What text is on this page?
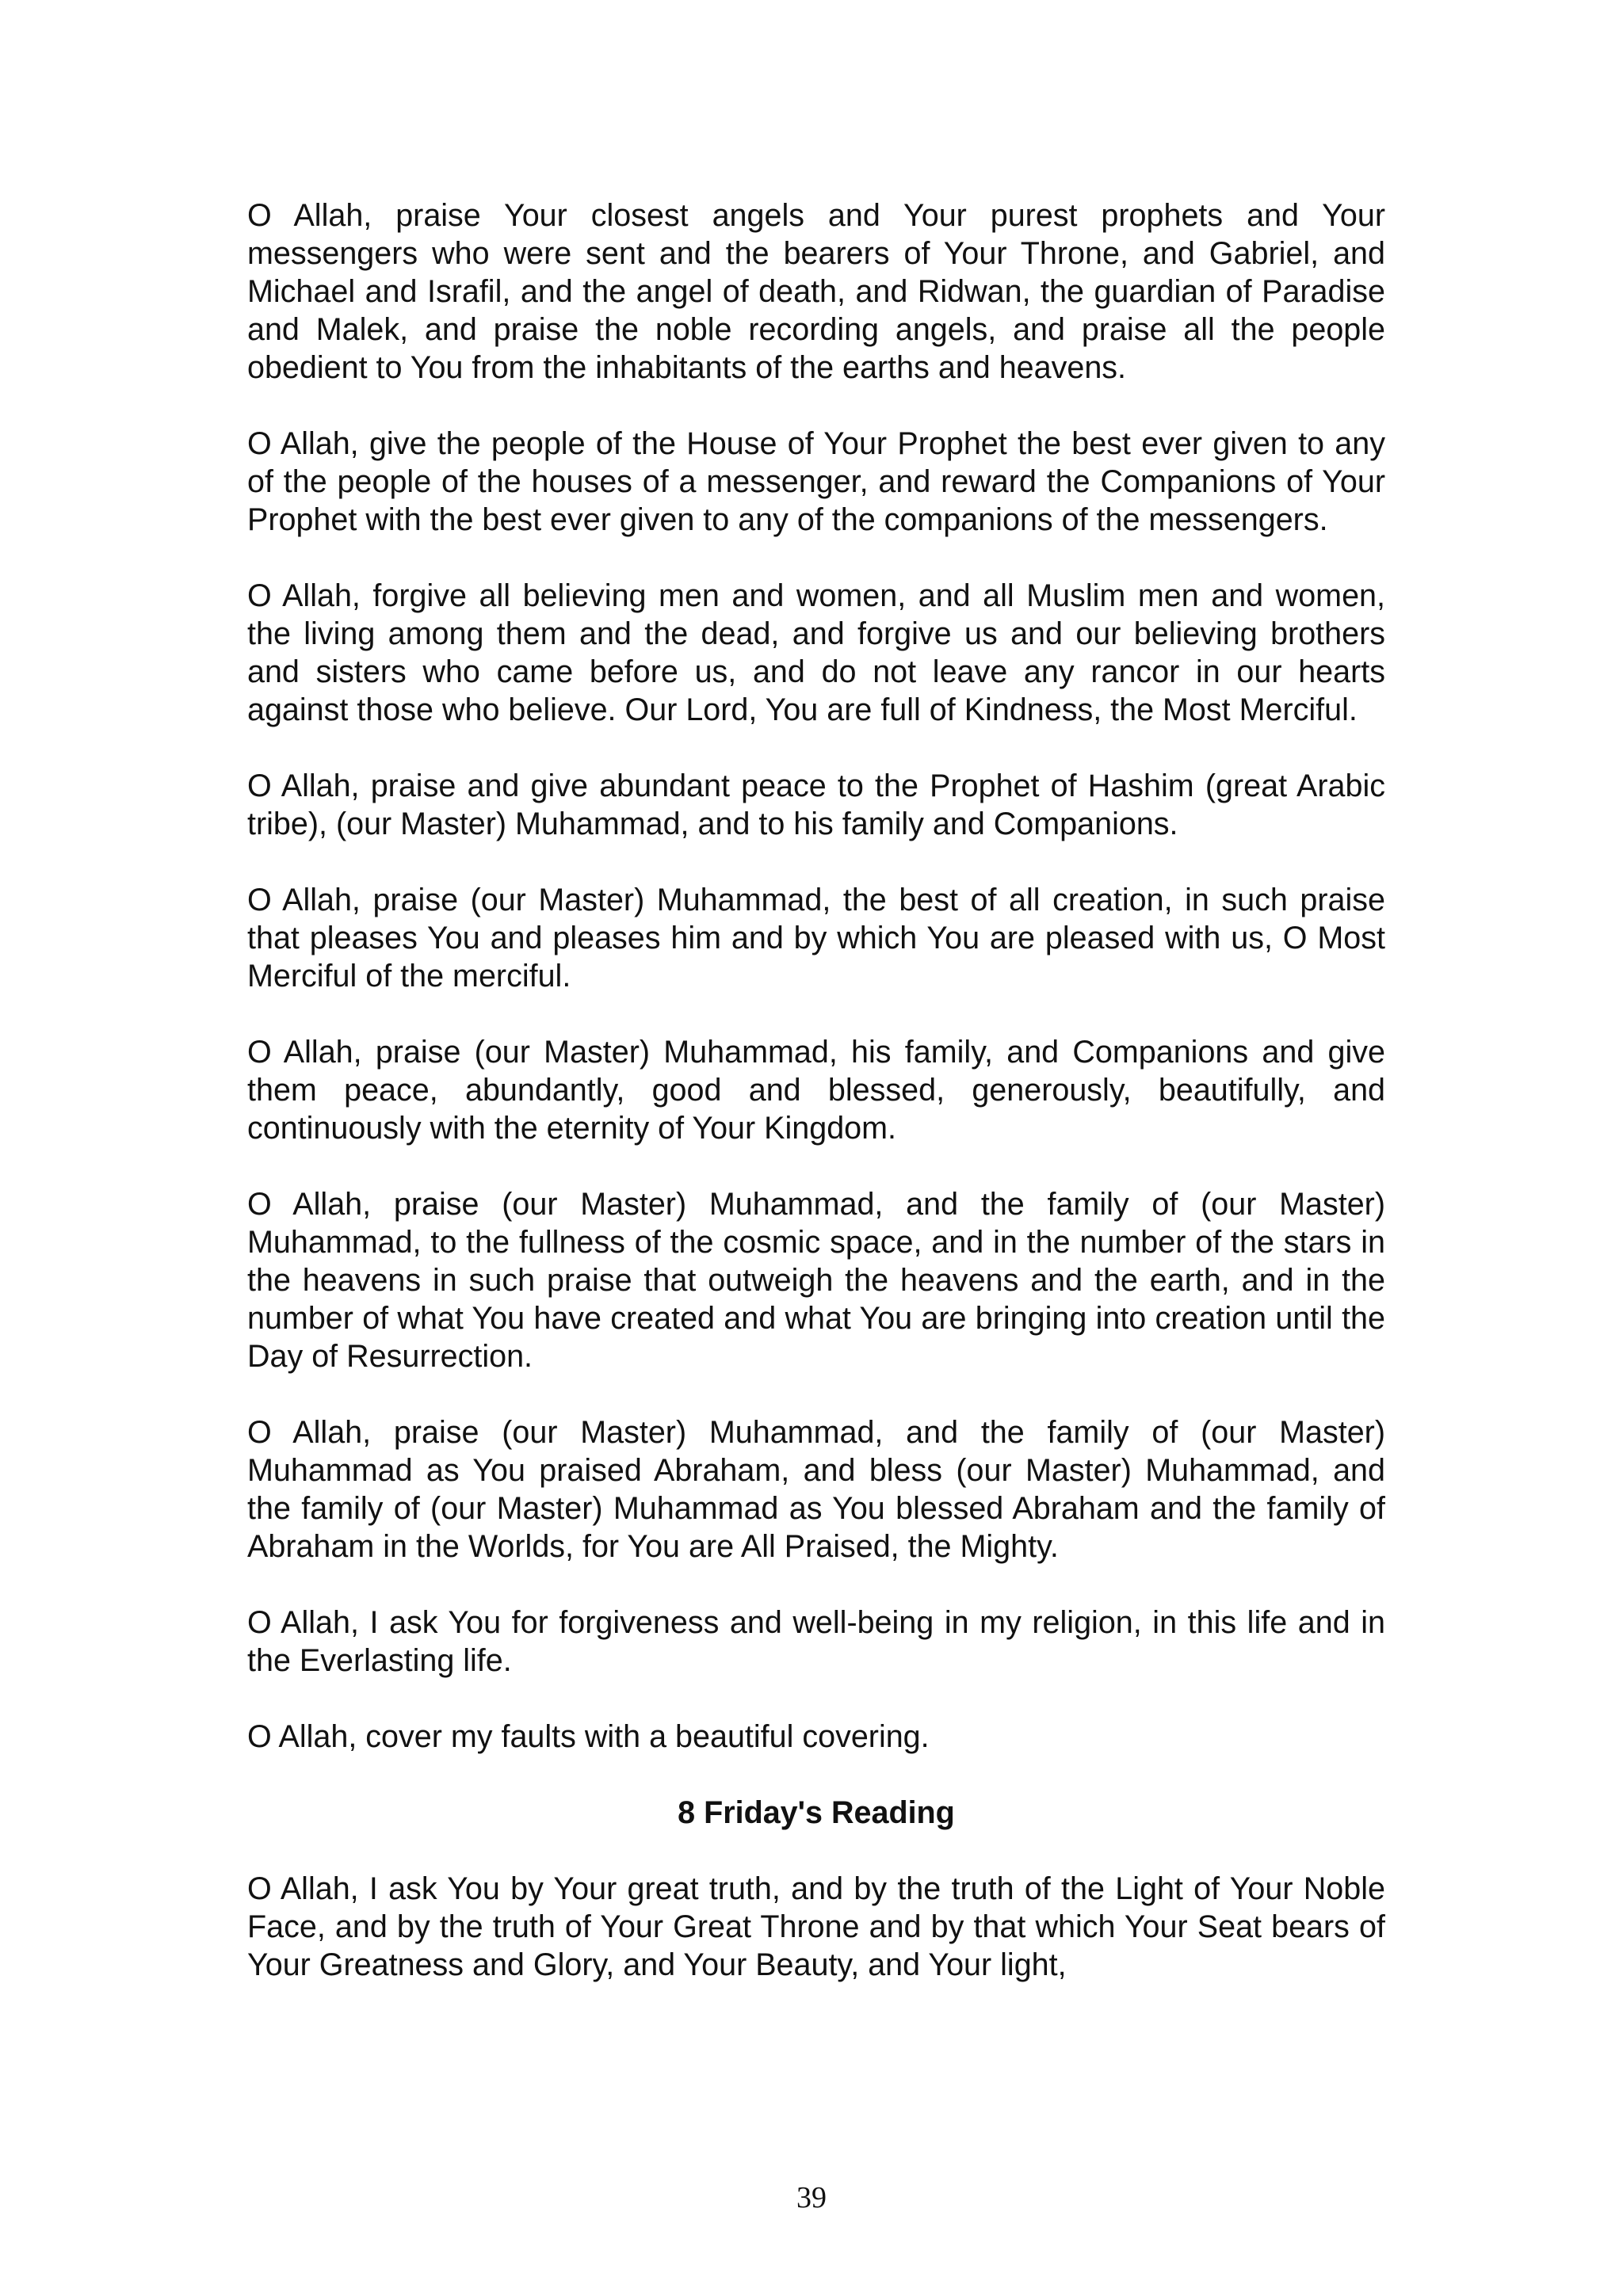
O Allah, praise Your closest angels and Your purest prophets and Your messengers who were sent and the bearers of Your Throne, and Gabriel, and Michael and Israfil, and the angel of death, and Ridwan, the guardian of Paradise and Malek, and praise the noble recording angels, and praise all the people obedient to You from the inhabitants of the earths and heavens.

O Allah, give the people of the House of Your Prophet the best ever given to any of the people of the houses of a messenger, and reward the Companions of Your Prophet with the best ever given to any of the companions of the messengers.

O Allah, forgive all believing men and women, and all Muslim men and women, the living among them and the dead, and forgive us and our believing brothers and sisters who came before us, and do not leave any rancor in our hearts against those who believe. Our Lord, You are full of Kindness, the Most Merciful.

O Allah, praise and give abundant peace to the Prophet of Hashim (great Arabic tribe), (our Master) Muhammad, and to his family and Companions.

O Allah, praise (our Master) Muhammad, the best of all creation, in such praise that pleases You and pleases him and by which You are pleased with us, O Most Merciful of the merciful.

O Allah, praise (our Master) Muhammad, his family, and Companions and give them peace, abundantly, good and blessed, generously, beautifully, and continuously with the eternity of Your Kingdom.

O Allah, praise (our Master) Muhammad, and the family of (our Master) Muhammad, to the fullness of the cosmic space, and in the number of the stars in the heavens in such praise that outweigh the heavens and the earth, and in the number of what You have created and what You are bringing into creation until the Day of Resurrection.

O Allah, praise (our Master) Muhammad, and the family of (our Master) Muhammad as You praised Abraham, and bless (our Master) Muhammad, and the family of (our Master) Muhammad as You blessed Abraham and the family of Abraham in the Worlds, for You are All Praised, the Mighty.

O Allah, I ask You for forgiveness and well-being in my religion, in this life and in the Everlasting life.

O Allah, cover my faults with a beautiful covering.

8 Friday's Reading

O Allah, I ask You by Your great truth, and by the truth of the Light of Your Noble Face, and by the truth of Your Great Throne and by that which Your Seat bears of Your Greatness and Glory, and Your Beauty, and Your light,

39
